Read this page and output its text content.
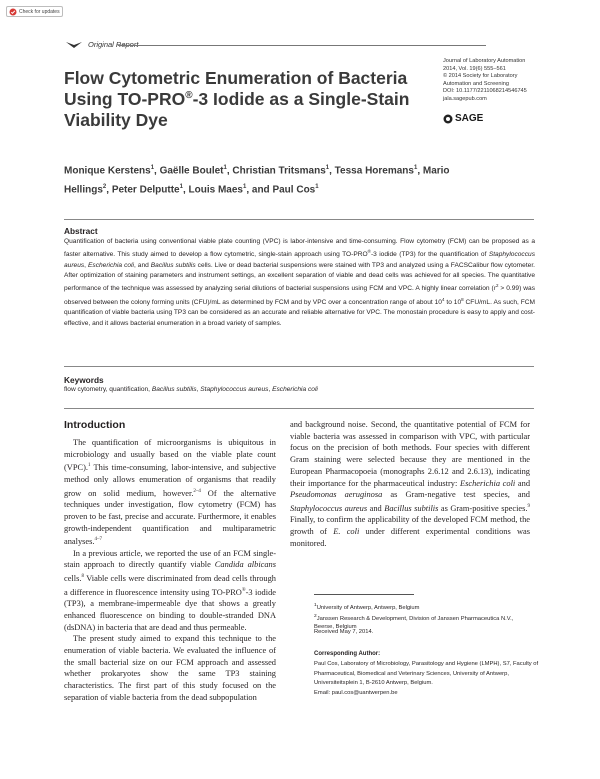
Check for updates
Original Report
Flow Cytometric Enumeration of Bacteria Using TO-PRO®-3 Iodide as a Single-Stain Viability Dye
Journal of Laboratory Automation
2014, Vol. 19(6) 555–561
© 2014 Society for Laboratory
Automation and Screening
DOI: 10.1177/2211068214546745
jala.sagepub.com
SAGE
Monique Kerstens$^1$, Gaëlle Boulet$^1$, Christian Tritsmans$^1$, Tessa Horemans$^1$, Mario Hellings$^2$, Peter Delputte$^1$, Louis Maes$^1$, and Paul Cos$^1$
Abstract
Quantification of bacteria using conventional viable plate counting (VPC) is labor-intensive and time-consuming. Flow cytometry (FCM) can be proposed as a faster alternative. This study aimed to develop a flow cytometric, single-stain approach using TO-PRO®-3 iodide (TP3) for the quantification of Staphylococcus aureus, Escherichia coli, and Bacillus subtilis cells. Live or dead bacterial suspensions were stained with TP3 and analyzed using a FACSCalibur flow cytometer. After optimization of staining parameters and instrument settings, an excellent separation of viable and dead cells was achieved for all species. The quantitative performance of the technique was assessed by analyzing serial dilutions of bacterial suspensions using FCM and VPC. A highly linear correlation $(r^2 > 0.99)$ was observed between the colony forming units (CFU)/mL as determined by FCM and by VPC over a concentration range of about $10^4$ to $10^8$ CFU/mL. As such, FCM quantification of viable bacteria using TP3 can be considered as an accurate and reliable alternative for VPC. The monostain procedure is easy to apply and cost-effective, and it allows bacterial enumeration in a broad variety of samples.
Keywords
flow cytometry, quantification, Bacillus subtilis, Staphylococcus aureus, Escherichia coli
Introduction

The quantification of microorganisms is ubiquitous in microbiology and usually based on the viable plate count (VPC).$^1$ This time-consuming, labor-intensive, and subjective method only allows enumeration of organisms that readily grow on solid medium, however.$^{2-4}$ Of the alternative techniques under investigation, flow cytometry (FCM) has proven to be fast, precise and accurate. Furthermore, it enables growth-independent quantification and multiparametric analyses.$^{4-7}$

In a previous article, we reported the use of an FCM single-stain approach to directly quantify viable Candida albicans cells.$^8$ Viable cells were discriminated from dead cells through a difference in fluorescence intensity using TO-PRO®-3 iodide (TP3), a membrane-impermeable dye that shows a greatly enhanced fluorescence on binding to double-stranded DNA (dsDNA) in bacteria that are dead and thus permeable.

The present study aimed to expand this technique to the enumeration of viable bacteria. We evaluated the influence of the small bacterial size on our FCM approach and assessed whether prokaryotes show the same TP3 staining characteristics. The first part of this study focused on the separation of viable bacteria from the dead subpopulation

and background noise. Second, the quantitative potential of FCM for viable bacteria was assessed in comparison with VPC, with particular focus on the precision of both methods. Four species with different Gram staining were selected because they are mentioned in the European Pharmacopoeia (monographs 2.6.12 and 2.6.13), indicating their importance for the pharmaceutical industry: Escherichia coli and Pseudomonas aeruginosa as Gram-negative test species, and Staphylococcus aureus and Bacillus subtilis as Gram-positive species.$^9$ Finally, to confirm the applicability of the developed FCM method, the growth of E. coli under different experimental conditions was monitored.

$^1$University of Antwerp, Antwerp, Belgium
$^2$Janssen Research & Development, Division of Janssen Pharmaceutica N.V., Beerse, Belgium
Received May 7, 2014.
Corresponding Author:
Paul Cos, Laboratory of Microbiology, Parasitology and Hygiene (LMPH), S7, Faculty of Pharmaceutical, Biomedical and Veterinary Sciences, University of Antwerp, Universiteitsplein 1, B-2610 Antwerp, Belgium.
Email: paul.cos@uantwerpen.be
